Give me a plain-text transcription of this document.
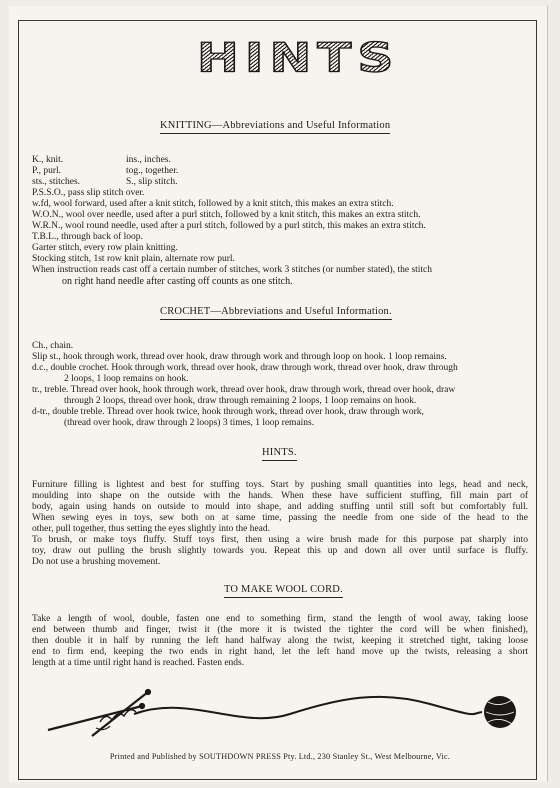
HINTS
KNITTING—Abbreviations and Useful Information
K., knit.	ins., inches.
P., purl.	tog., together.
sts., stitches.	S., slip stitch.
P.S.S.O., pass slip stitch over.
w.fd, wool forward, used after a knit stitch, followed by a knit stitch, this makes an extra stitch.
W.O.N., wool over needle, used after a purl stitch, followed by a knit stitch, this makes an extra stitch.
W.R.N., wool round needle, used after a purl stitch, followed by a purl stitch, this makes an extra stitch.
T.B.L., through back of loop.
Garter stitch, every row plain knitting.
Stocking stitch, 1st row knit plain, alternate row purl.
When instruction reads cast off a certain number of stitches, work 3 stitches (or number stated), the stitch
on right hand needle after casting off counts as one stitch.
CROCHET—Abbreviations and Useful Information.
Ch., chain.
Slip st., hook through work, thread over hook, draw through work and through loop on hook. 1 loop remains.
d.c., double crochet. Hook through work, thread over hook, draw through work, thread over hook, draw through
2 loops, 1 loop remains on hook.
tr., treble. Thread over hook, hook through work, thread over hook, draw through work, thread over hook, draw
through 2 loops, thread over hook, draw through remaining 2 loops, 1 loop remains on hook.
d-tr., double treble. Thread over hook twice, hook through work, thread over hook, draw through work,
(thread over hook, draw through 2 loops) 3 times, 1 loop remains.
HINTS.
Furniture filling is lightest and best for stuffing toys. Start by pushing small quantities into legs, head and neck,
moulding into shape on the outside with the hands. When these have sufficient stuffing, fill main part of
body, again using hands on outside to mould into shape, and adding stuffing until still soft but comfortably full.
When sewing eyes in toys, sew both on at same time, passing the needle from one side of the head to the
other, pull together, thus setting the eyes slightly into the head.
To brush, or make toys fluffy. Stuff toys first, then using a wire brush made for this purpose pat sharply into
toy, draw out pulling the brush slightly towards you. Repeat this up and down all over until surface is fluffy.
Do not use a brushing movement.
TO MAKE WOOL CORD.
Take a length of wool, double, fasten one end to something firm, stand the length of wool away, taking loose
end between thumb and finger, twist it (the more it is twisted the tighter the cord will be when finished),
then double it in half by running the left hand halfway along the twist, keeping it stretched tight, taking loose
end to firm end, keeping the two ends in right hand, let the left hand move up the twists, releasing a short
length at a time until right hand is reached. Fasten ends.
Printed and Published by SOUTHDOWN PRESS Pty. Ltd., 230 Stanley St., West Melbourne, Vic.
